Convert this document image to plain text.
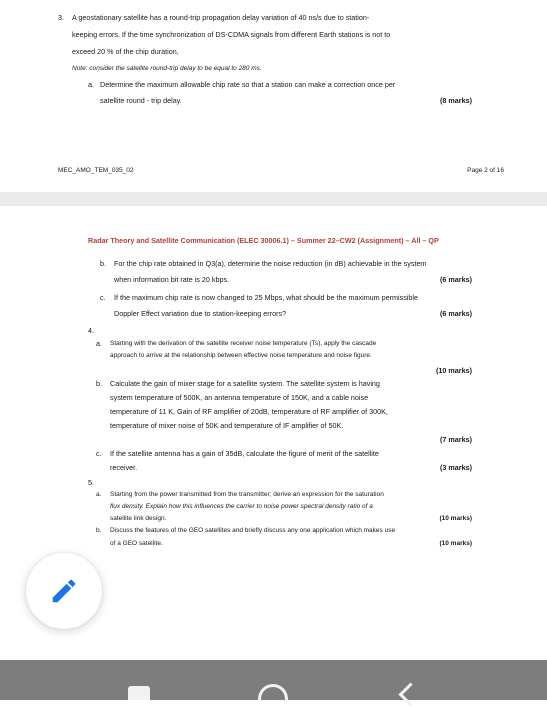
3. A geostationary satellite has a round-trip propagation delay variation of 40 ns/s due to station-
keeping errors. If the time synchronization of DS-CDMA signals from different Earth stations is not to
exceed 20 % of the chip duration,
Note: consider the satellite round-trip delay to be equal to 280 ms.
a. Determine the maximum allowable chip rate so that a station can make a correction once per
satellite round - trip delay.	(8 marks)
MEC_AMO_TEM_035_02	Page 2 of 16
Radar Theory and Satellite Communication (ELEC 30006.1) – Summer 22–CW2 (Assignment) – All – QP
b. For the chip rate obtained in Q3(a), determine the noise reduction (in dB) achievable in the system
when information bit rate is 20 kbps.	(6 marks)
c. If the maximum chip rate is now changed to 25 Mbps, what should be the maximum permissible
Doppler Effect variation due to station-keeping errors?	(6 marks)
4.
a. Starting with the derivation of the satellite receiver noise temperature (Ts), apply the cascade
approach to arrive at the relationship between effective noise temperature and noise figure.
(10 marks)
b. Calculate the gain of mixer stage for a satellite system. The satellite system is having
system temperature of 500K, an antenna temperature of 150K, and a cable noise
temperature of 11 K, Gain of RF amplifier of 20dB, temperature of RF amplifier of 300K,
temperature of mixer noise of 50K and temperature of IF amplifier of 50K.
(7 marks)
c. If the satellite antenna has a gain of 35dB, calculate the figure of merit of the satellite
receiver.	(3 marks)
5.
a. Starting from the power transmitted from the transmitter; derive an expression for the saturation
flux density. Explain how this influences the carrier to noise power spectral density ratio of a
satellite link design.	(10 marks)
b. Discuss the features of the GEO satellites and briefly discuss any one application which makes use
of a GEO satellite.	(10 marks)
